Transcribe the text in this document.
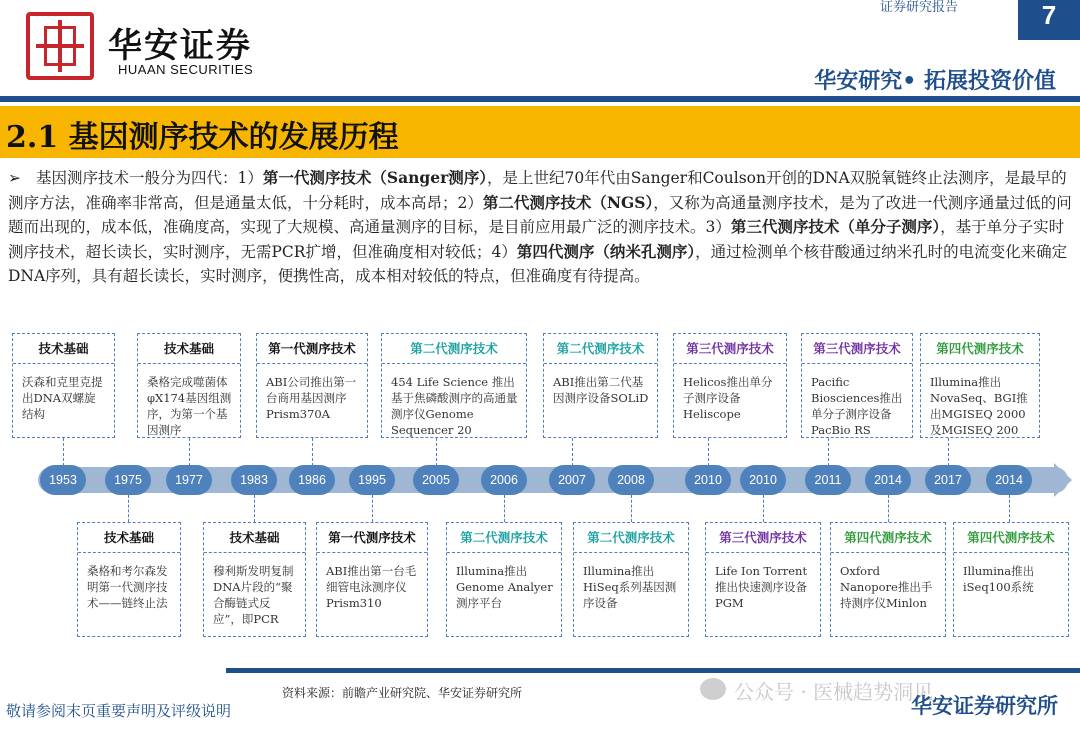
华安证券
HUAAN SECURITIES
证券研究报告	7
华安研究• 拓展投资价值
2.1 基因测序技术的发展历程
➢ 基因测序技术一般分为四代：1）第一代测序技术（Sanger测序），是上世纪70年代由Sanger和Coulson开创的DNA双脱氧链终止法测序，是最早的测序方法，准确率非常高，但是通量太低，十分耗时，成本高昂；2）第二代测序技术（NGS），又称为高通量测序技术，是为了改进一代测序通量过低的问题而出现的，成本低，准确度高，实现了大规模、高通量测序的目标，是目前应用最广泛的测序技术。3）第三代测序技术（单分子测序），基于单分子实时测序技术，超长读长，实时测序，无需PCR扩增，但准确度相对较低；4）第四代测序（纳米孔测序），通过检测单个核苷酸通过纳米孔时的电流变化来确定DNA序列，具有超长读长，实时测序，便携性高，成本相对较低的特点，但准确度有待提高。
1953	1975	1977	1983	1986	1995	2005	2006	2007	2008	2010	2010	2011	2014	2017	2014
技术基础
沃森和克里克提出DNA双螺旋结构
技术基础
桑格完成噬菌体φX174基因组测序，为第一个基因测序
第一代测序技术
ABI公司推出第一台商用基因测序Prism370A
第二代测序技术
454 Life Science 推出基于焦磷酸测序的高通量测序仪Genome Sequencer 20
第二代测序技术
ABI推出第二代基因测序设备SOLiD
第三代测序技术
Helicos推出单分子测序设备Heliscope
第三代测序技术
Pacific Biosciences推出单分子测序设备PacBio RS
第四代测序技术
Illumina推出NovaSeq、BGI推出MGISEQ 2000及MGISEQ 200
技术基础
桑格和考尔森发明第一代测序技术——链终止法
技术基础
穆利斯发明复制DNA片段的“聚合酶链式反应”，即PCR
第一代测序技术
ABI推出第一台毛细管电泳测序仪Prism310
第二代测序技术
Illumina推出Genome Analyer测序平台
第二代测序技术
Illumina推出HiSeq系列基因测序设备
第三代测序技术
Life Ion Torrent 推出快速测序设备PGM
第四代测序技术
Oxford Nanopore推出手持测序仪Minlon
第四代测序技术
Illumina推出iSeq100系统
资料来源：前瞻产业研究院、华安证券研究所
敬请参阅末页重要声明及评级说明
公众号 · 医械趋势洞见
华安证券研究所
